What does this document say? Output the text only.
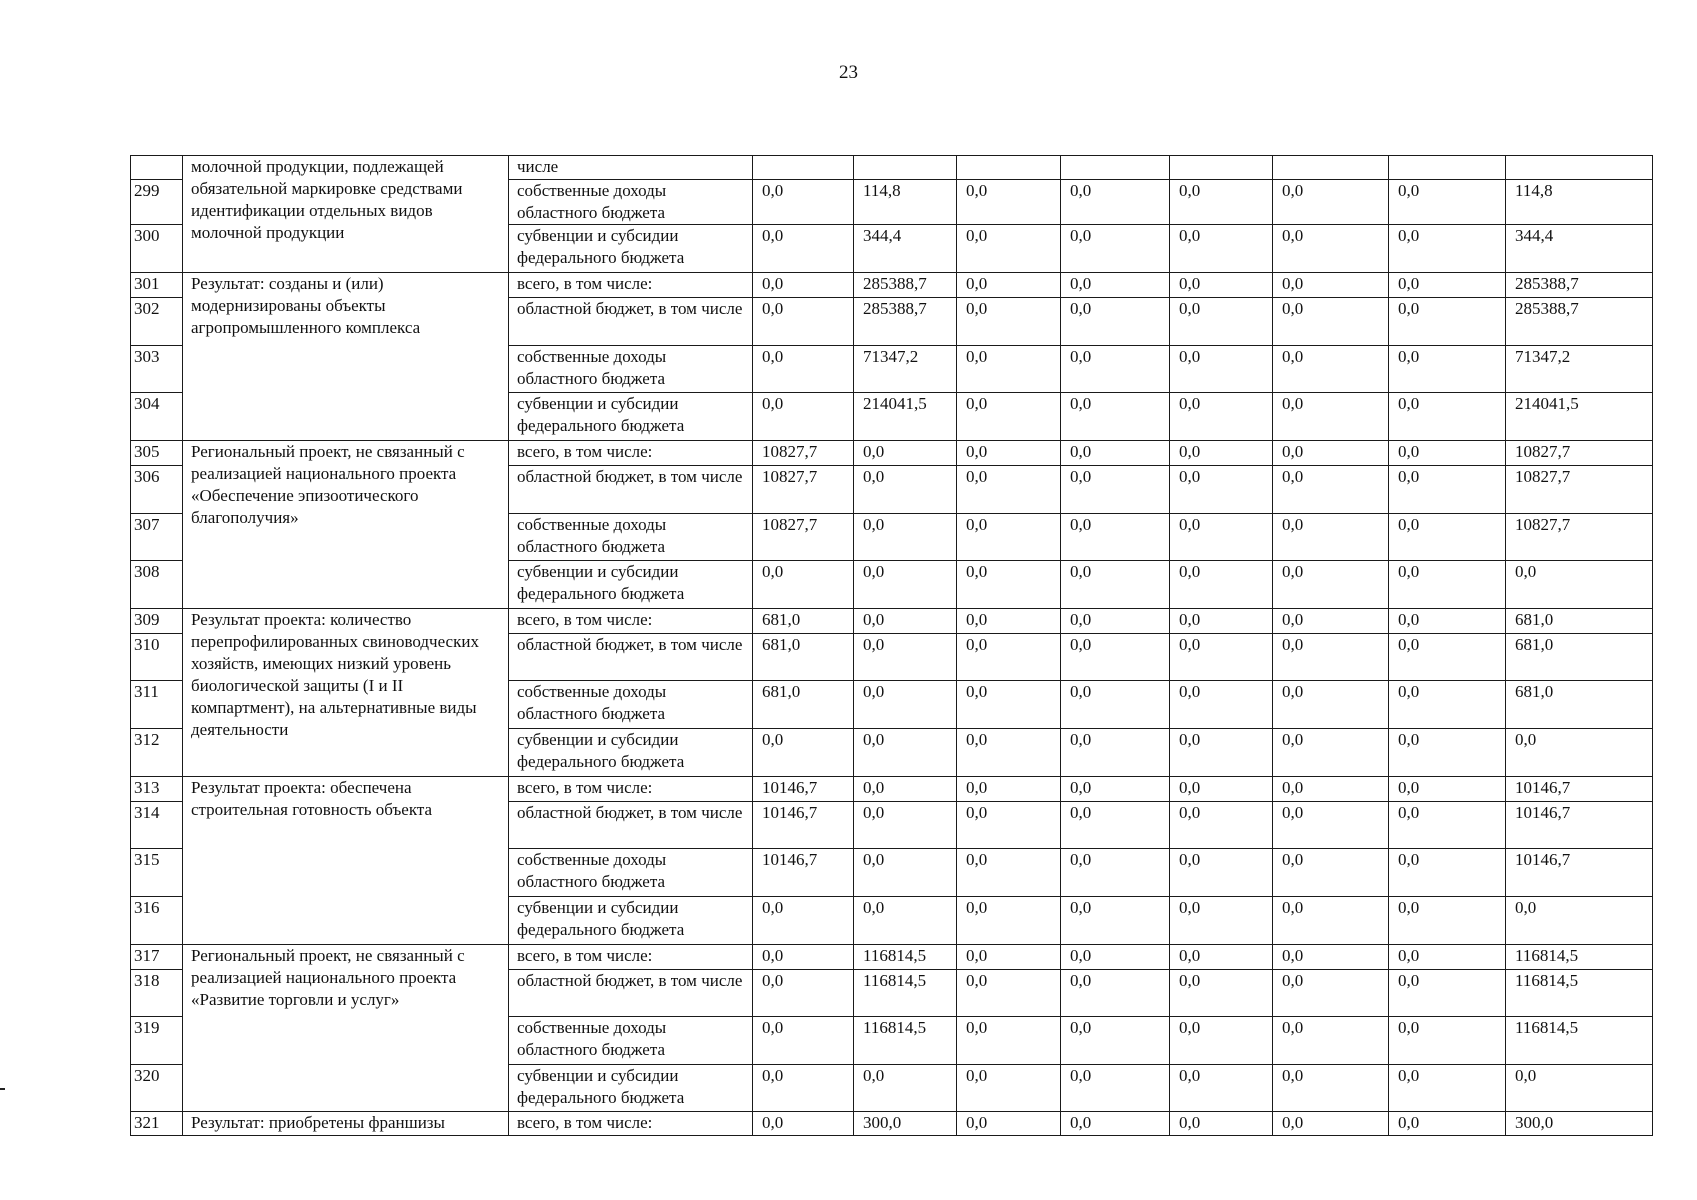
23
	молочной продукции, подлежащей обязательной маркировке средствами идентификации отдельных видов молочной продукции	числе								
299		собственные доходы областного бюджета	0,0	114,8	0,0	0,0	0,0	0,0	0,0	114,8
300		субвенции и субсидии федерального бюджета	0,0	344,4	0,0	0,0	0,0	0,0	0,0	344,4
301	Результат: созданы и (или) модернизированы объекты агропромышленного комплекса	всего, в том числе:	0,0	285388,7	0,0	0,0	0,0	0,0	0,0	285388,7
302		областной бюджет, в том числе	0,0	285388,7	0,0	0,0	0,0	0,0	0,0	285388,7
303		собственные доходы областного бюджета	0,0	71347,2	0,0	0,0	0,0	0,0	0,0	71347,2
304		субвенции и субсидии федерального бюджета	0,0	214041,5	0,0	0,0	0,0	0,0	0,0	214041,5
305	Региональный проект, не связанный с реализацией национального проекта «Обеспечение эпизоотического благополучия»	всего, в том числе:	10827,7	0,0	0,0	0,0	0,0	0,0	0,0	10827,7
306		областной бюджет, в том числе	10827,7	0,0	0,0	0,0	0,0	0,0	0,0	10827,7
307		собственные доходы областного бюджета	10827,7	0,0	0,0	0,0	0,0	0,0	0,0	10827,7
308		субвенции и субсидии федерального бюджета	0,0	0,0	0,0	0,0	0,0	0,0	0,0	0,0
309	Результат проекта: количество перепрофилированных свиноводческих хозяйств, имеющих низкий уровень биологической защиты (I и II компартмент), на альтернативные виды деятельности	всего, в том числе:	681,0	0,0	0,0	0,0	0,0	0,0	0,0	681,0
310		областной бюджет, в том числе	681,0	0,0	0,0	0,0	0,0	0,0	0,0	681,0
311		собственные доходы областного бюджета	681,0	0,0	0,0	0,0	0,0	0,0	0,0	681,0
312		субвенции и субсидии федерального бюджета	0,0	0,0	0,0	0,0	0,0	0,0	0,0	0,0
313	Результат проекта: обеспечена строительная готовность объекта	всего, в том числе:	10146,7	0,0	0,0	0,0	0,0	0,0	0,0	10146,7
314		областной бюджет, в том числе	10146,7	0,0	0,0	0,0	0,0	0,0	0,0	10146,7
315		собственные доходы областного бюджета	10146,7	0,0	0,0	0,0	0,0	0,0	0,0	10146,7
316		субвенции и субсидии федерального бюджета	0,0	0,0	0,0	0,0	0,0	0,0	0,0	0,0
317	Региональный проект, не связанный с реализацией национального проекта «Развитие торговли и услуг»	всего, в том числе:	0,0	116814,5	0,0	0,0	0,0	0,0	0,0	116814,5
318		областной бюджет, в том числе	0,0	116814,5	0,0	0,0	0,0	0,0	0,0	116814,5
319		собственные доходы областного бюджета	0,0	116814,5	0,0	0,0	0,0	0,0	0,0	116814,5
320		субвенции и субсидии федерального бюджета	0,0	0,0	0,0	0,0	0,0	0,0	0,0	0,0
321	Результат: приобретены франшизы	всего, в том числе:	0,0	300,0	0,0	0,0	0,0	0,0	0,0	300,0
